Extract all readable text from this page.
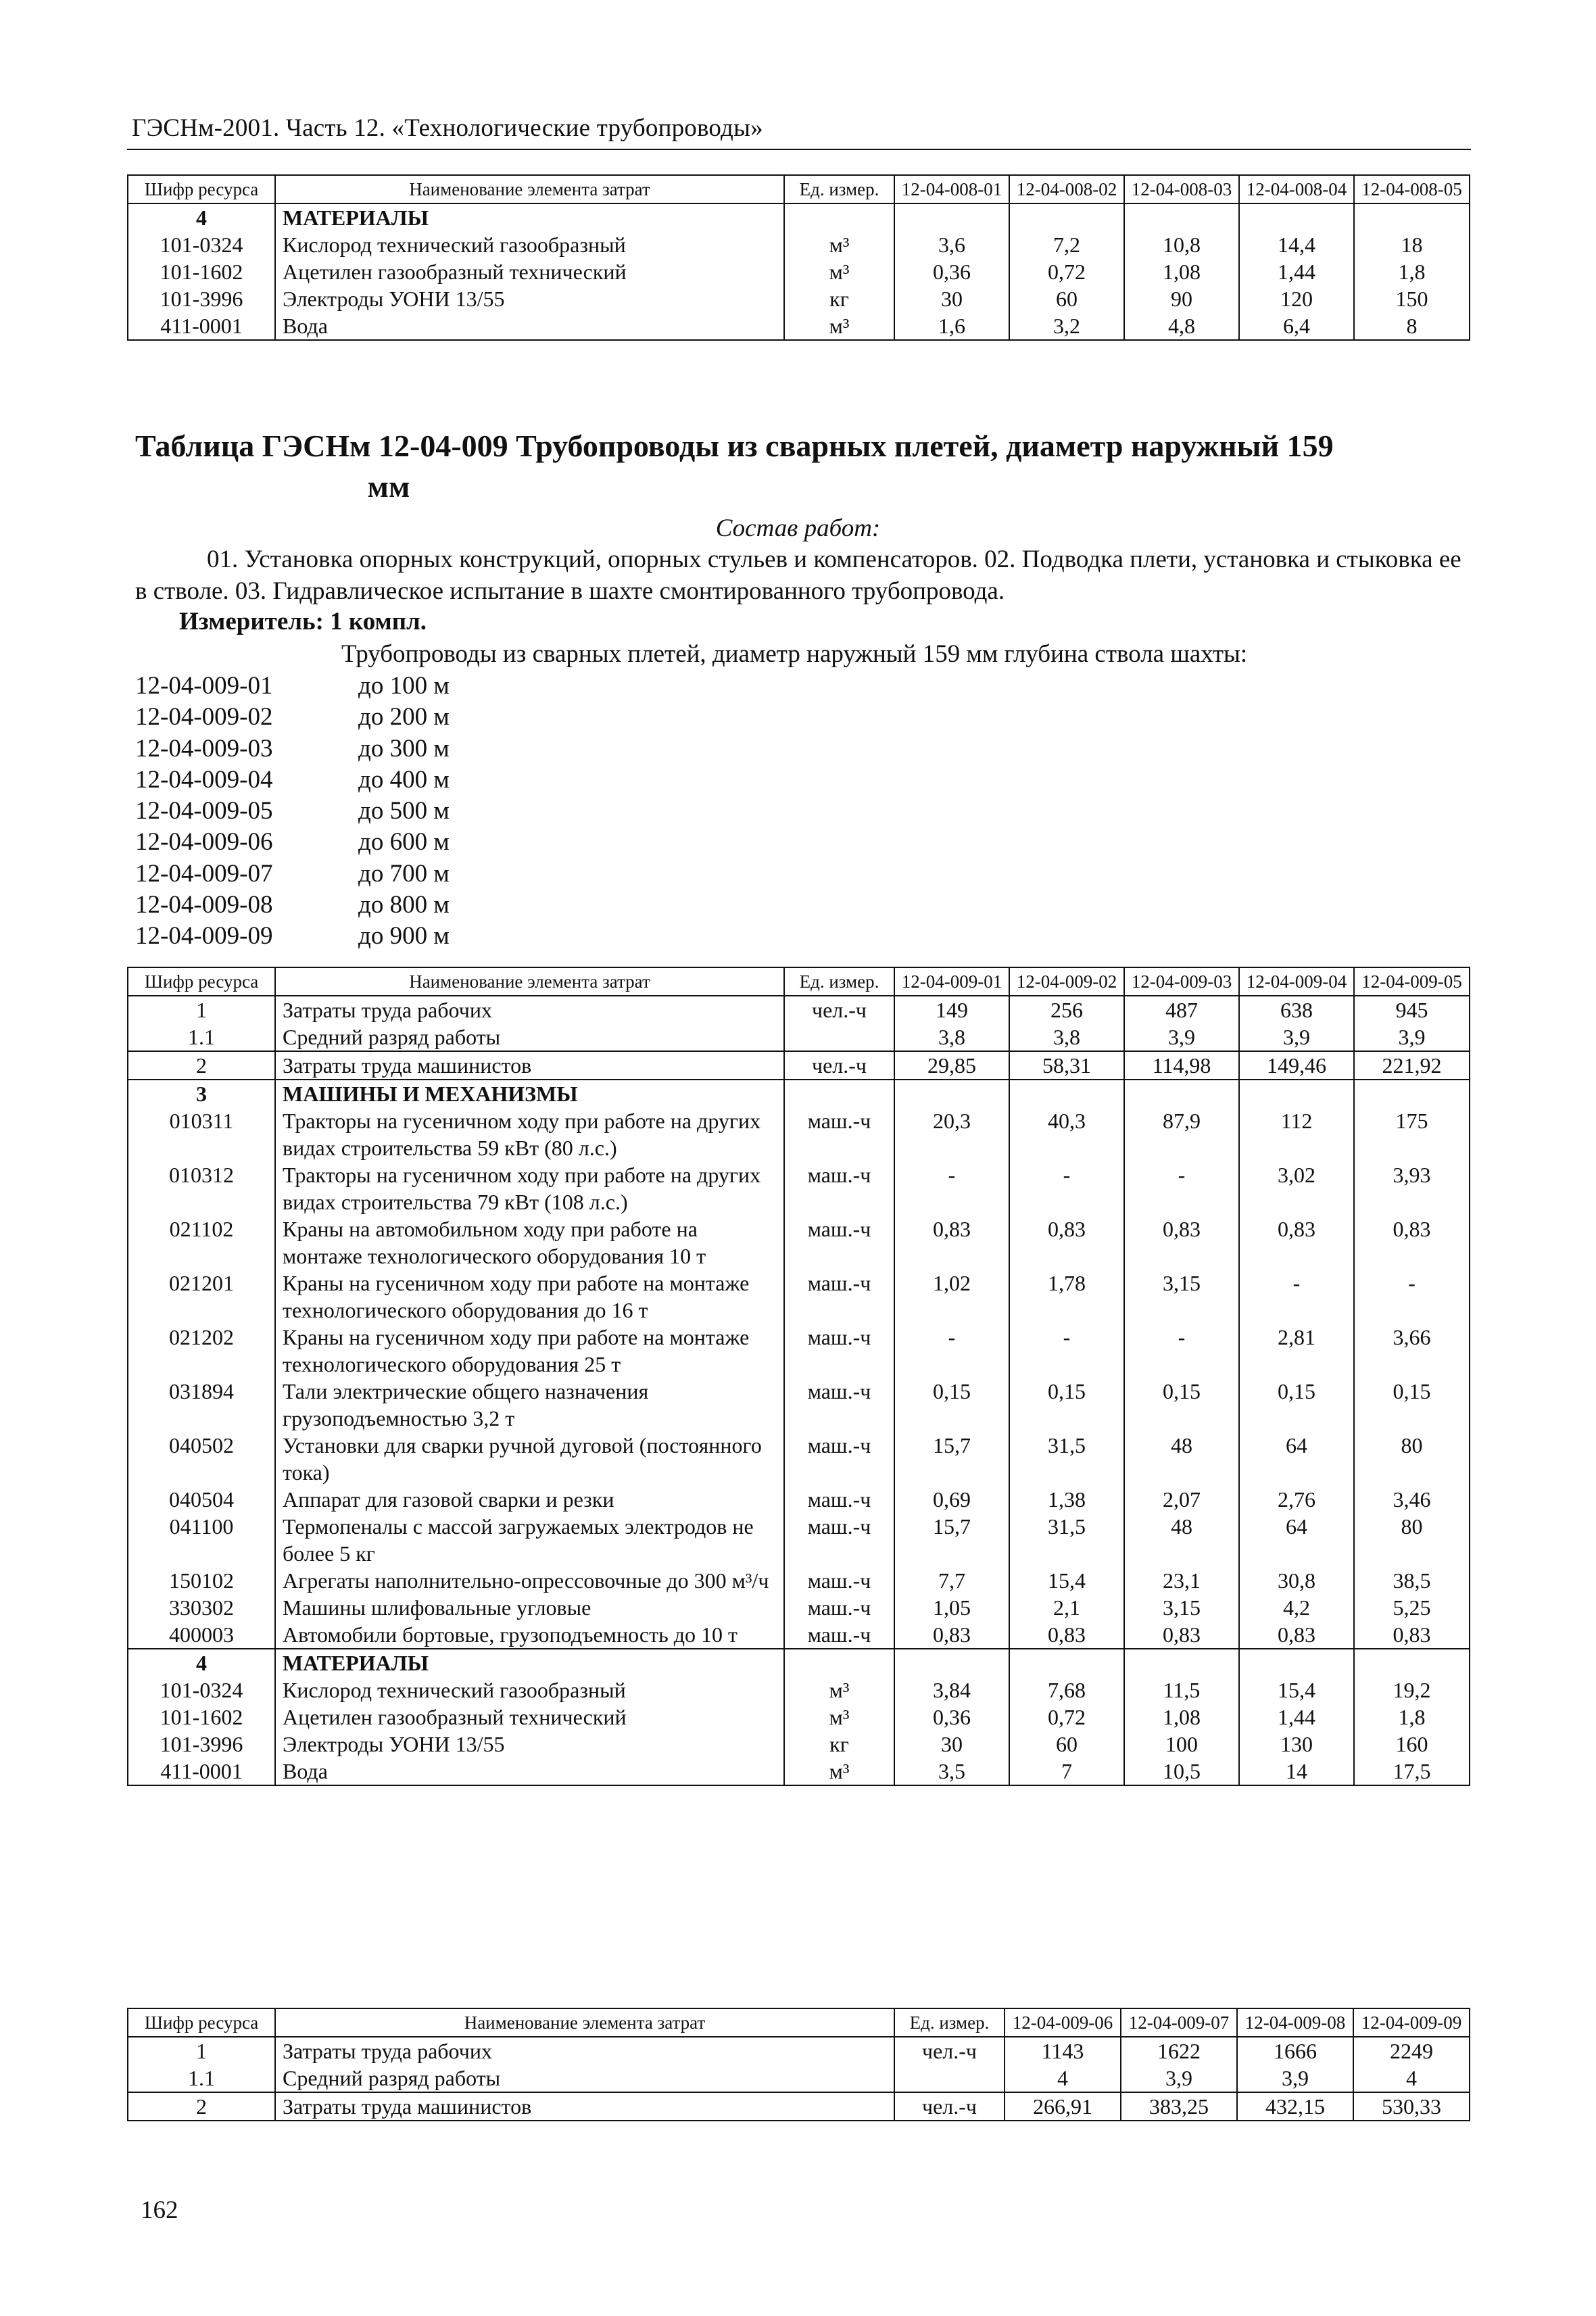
ГЭСНм-2001. Часть 12. «Технологические трубопроводы»
Шифр ресурса	Наименование элемента затрат	Ед. измер.	12-04-008-01	12-04-008-02	12-04-008-03	12-04-008-04	12-04-008-05
4	МАТЕРИАЛЫ						
101-0324	Кислород технический газообразный	м³	3,6	7,2	10,8	14,4	18
101-1602	Ацетилен газообразный технический	м³	0,36	0,72	1,08	1,44	1,8
101-3996	Электроды УОНИ 13/55	кг	30	60	90	120	150
411-0001	Вода	м³	1,6	3,2	4,8	6,4	8
Таблица ГЭСНм 12-04-009 Трубопроводы из сварных плетей, диаметр наружный 159
мм
Состав работ:
01. Установка опорных конструкций, опорных стульев и компенсаторов. 02. Подводка плети, установка и стыковка ее в стволе. 03. Гидравлическое испытание в шахте смонтированного трубопровода.
Измеритель: 1 компл.
Трубопроводы из сварных плетей, диаметр наружный 159 мм глубина ствола шахты:
12-04-009-01	до 100 м
12-04-009-02	до 200 м
12-04-009-03	до 300 м
12-04-009-04	до 400 м
12-04-009-05	до 500 м
12-04-009-06	до 600 м
12-04-009-07	до 700 м
12-04-009-08	до 800 м
12-04-009-09	до 900 м
Шифр ресурса	Наименование элемента затрат	Ед. измер.	12-04-009-01	12-04-009-02	12-04-009-03	12-04-009-04	12-04-009-05
1	Затраты труда рабочих	чел.-ч	149	256	487	638	945
1.1	Средний разряд работы		3,8	3,8	3,9	3,9	3,9
2	Затраты труда машинистов	чел.-ч	29,85	58,31	114,98	149,46	221,92
3	МАШИНЫ И МЕХАНИЗМЫ						
010311	Тракторы на гусеничном ходу при работе на других видах строительства 59 кВт (80 л.с.)	маш.-ч	20,3	40,3	87,9	112	175
010312	Тракторы на гусеничном ходу при работе на других видах строительства 79 кВт (108 л.с.)	маш.-ч	-	-	-	3,02	3,93
021102	Краны на автомобильном ходу при работе на монтаже технологического оборудования 10 т	маш.-ч	0,83	0,83	0,83	0,83	0,83
021201	Краны на гусеничном ходу при работе на монтаже технологического оборудования до 16 т	маш.-ч	1,02	1,78	3,15	-	-
021202	Краны на гусеничном ходу при работе на монтаже технологического оборудования 25 т	маш.-ч	-	-	-	2,81	3,66
031894	Тали электрические общего назначения грузоподъемностью 3,2 т	маш.-ч	0,15	0,15	0,15	0,15	0,15
040502	Установки для сварки ручной дуговой (постоянного тока)	маш.-ч	15,7	31,5	48	64	80
040504	Аппарат для газовой сварки и резки	маш.-ч	0,69	1,38	2,07	2,76	3,46
041100	Термопеналы с массой загружаемых электродов не более 5 кг	маш.-ч	15,7	31,5	48	64	80
150102	Агрегаты наполнительно-опрессовочные до 300 м³/ч	маш.-ч	7,7	15,4	23,1	30,8	38,5
330302	Машины шлифовальные угловые	маш.-ч	1,05	2,1	3,15	4,2	5,25
400003	Автомобили бортовые, грузоподъемность до 10 т	маш.-ч	0,83	0,83	0,83	0,83	0,83
4	МАТЕРИАЛЫ						
101-0324	Кислород технический газообразный	м³	3,84	7,68	11,5	15,4	19,2
101-1602	Ацетилен газообразный технический	м³	0,36	0,72	1,08	1,44	1,8
101-3996	Электроды УОНИ 13/55	кг	30	60	100	130	160
411-0001	Вода	м³	3,5	7	10,5	14	17,5
Шифр ресурса	Наименование элемента затрат	Ед. измер.	12-04-009-06	12-04-009-07	12-04-009-08	12-04-009-09
1	Затраты труда рабочих	чел.-ч	1143	1622	1666	2249
1.1	Средний разряд работы		4	3,9	3,9	4
2	Затраты труда машинистов	чел.-ч	266,91	383,25	432,15	530,33
162
